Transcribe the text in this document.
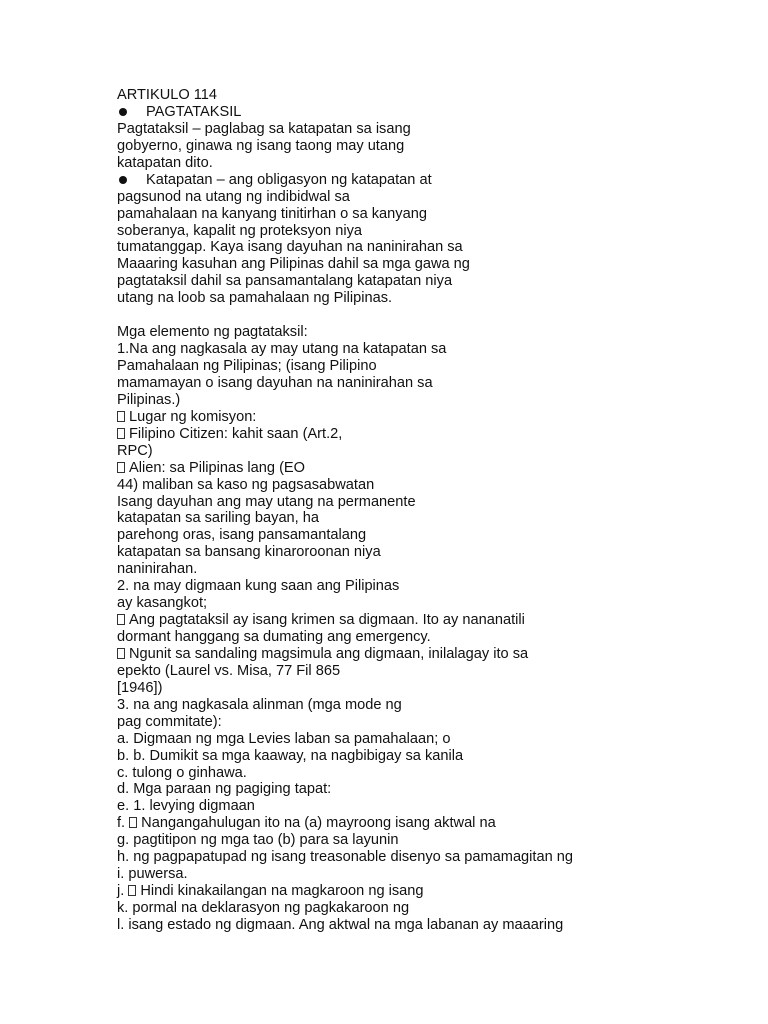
ARTIKULO 114

PAGTATAKSIL

Pagtataksil – paglabag sa katapatan sa isang
gobyerno, ginawa ng isang taong may utang
katapatan dito.

Katapatan – ang obligasyon ng katapatan at

pagsunod na utang ng indibidwal sa
pamahalaan na kanyang tinitirhan o sa kanyang
soberanya, kapalit ng proteksyon niya
tumatanggap. Kaya isang dayuhan na naninirahan sa
Maaaring kasuhan ang Pilipinas dahil sa mga gawa ng
pagtataksil dahil sa pansamantalang katapatan niya
utang na loob sa pamahalaan ng Pilipinas.
Mga elemento ng pagtataksil:
1.Na ang nagkasala ay may utang na katapatan sa
Pamahalaan ng Pilipinas; (isang Pilipino
mamamayan o isang dayuhan na naninirahan sa
Pilipinas.)
Lugar ng komisyon:
Filipino Citizen: kahit saan (Art.2,
RPC)
Alien: sa Pilipinas lang (EO
44) maliban sa kaso ng pagsasabwatan
Isang dayuhan ang may utang na permanente
katapatan sa sariling bayan, ha
parehong oras, isang pansamantalang
katapatan sa bansang kinaroroonan niya
naninirahan.
2. na may digmaan kung saan ang Pilipinas
ay kasangkot;
Ang pagtataksil ay isang krimen sa digmaan. Ito ay nananatili
dormant hanggang sa dumating ang emergency.
Ngunit sa sandaling magsimula ang digmaan, inilalagay ito sa
epekto (Laurel vs. Misa, 77 Fil 865
[1946])
3. na ang nagkasala alinman (mga mode ng
pag commitate):
a. Digmaan ng mga Levies laban sa pamahalaan; o
b. b. Dumikit sa mga kaaway, na nagbibigay sa kanila
c. tulong o ginhawa.
d. Mga paraan ng pagiging tapat:
e. 1. levying digmaan
f. Nangangahulugan ito na (a) mayroong isang aktwal na
g. pagtitipon ng mga tao (b) para sa layunin
h. ng pagpapatupad ng isang treasonable disenyo sa pamamagitan ng
i. puwersa.
j. Hindi kinakailangan na magkaroon ng isang
k. pormal na deklarasyon ng pagkakaroon ng
l. isang estado ng digmaan. Ang aktwal na mga labanan ay maaaring
